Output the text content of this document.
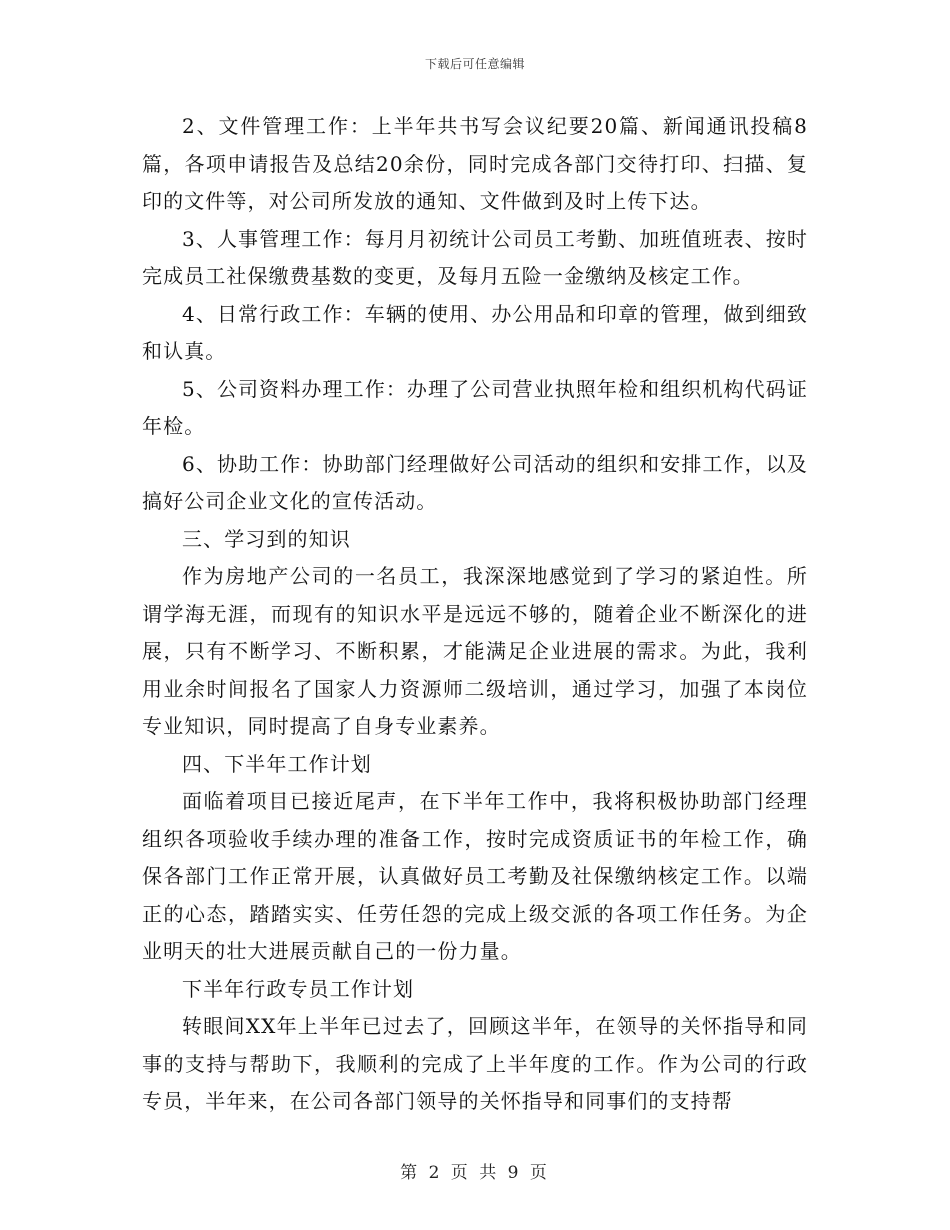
下载后可任意编辑

2、文件管理工作：上半年共书写会议纪要20篇、新闻通讯投稿8篇，各项申请报告及总结20余份，同时完成各部门交待打印、扫描、复印的文件等，对公司所发放的通知、文件做到及时上传下达。

3、人事管理工作：每月月初统计公司员工考勤、加班值班表、按时完成员工社保缴费基数的变更，及每月五险一金缴纳及核定工作。

4、日常行政工作：车辆的使用、办公用品和印章的管理，做到细致和认真。

5、公司资料办理工作：办理了公司营业执照年检和组织机构代码证年检。

6、协助工作：协助部门经理做好公司活动的组织和安排工作，以及搞好公司企业文化的宣传活动。

三、学习到的知识

作为房地产公司的一名员工，我深深地感觉到了学习的紧迫性。所谓学海无涯，而现有的知识水平是远远不够的，随着企业不断深化的进展，只有不断学习、不断积累，才能满足企业进展的需求。为此，我利用业余时间报名了国家人力资源师二级培训，通过学习，加强了本岗位专业知识，同时提高了自身专业素养。

四、下半年工作计划

面临着项目已接近尾声，在下半年工作中，我将积极协助部门经理组织各项验收手续办理的准备工作，按时完成资质证书的年检工作，确保各部门工作正常开展，认真做好员工考勤及社保缴纳核定工作。以端正的心态，踏踏实实、任劳任怨的完成上级交派的各项工作任务。为企业明天的壮大进展贡献自己的一份力量。

下半年行政专员工作计划

转眼间XX年上半年已过去了，回顾这半年，在领导的关怀指导和同事的支持与帮助下，我顺利的完成了上半年度的工作。作为公司的行政专员，半年来，在公司各部门领导的关怀指导和同事们的支持帮

第 2 页 共 9 页
